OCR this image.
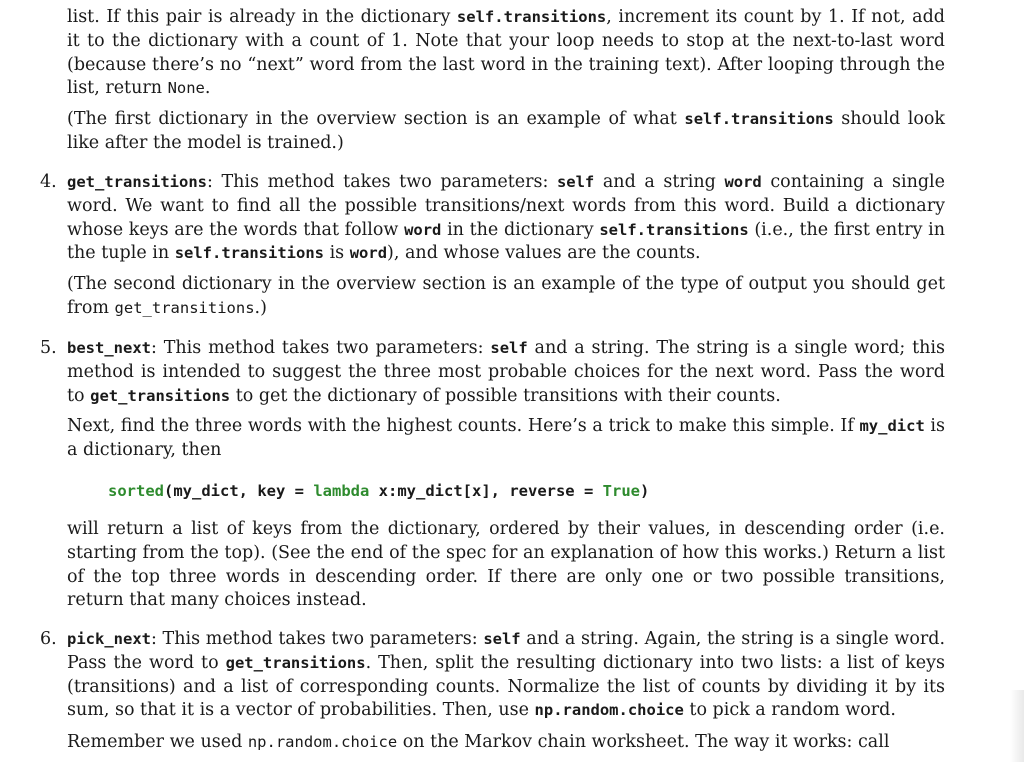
list. If this pair is already in the dictionary self.transitions, increment its count by 1. If not, add it to the dictionary with a count of 1. Note that your loop needs to stop at the next-to-last word (because there’s no “next” word from the last word in the training text). After looping through the list, return None.

(The first dictionary in the overview section is an example of what self.transitions should look like after the model is trained.)

4. get_transitions: This method takes two parameters: self and a string word containing a single word. We want to find all the possible transitions/next words from this word. Build a dictionary whose keys are the words that follow word in the dictionary self.transitions (i.e., the first entry in the tuple in self.transitions is word), and whose values are the counts.

(The second dictionary in the overview section is an example of the type of output you should get from get_transitions.)

5. best_next: This method takes two parameters: self and a string. The string is a single word; this method is intended to suggest the three most probable choices for the next word. Pass the word to get_transitions to get the dictionary of possible transitions with their counts.

Next, find the three words with the highest counts. Here’s a trick to make this simple. If my_dict is a dictionary, then

sorted(my_dict, key = lambda x:my_dict[x], reverse = True)

will return a list of keys from the dictionary, ordered by their values, in descending order (i.e. starting from the top). (See the end of the spec for an explanation of how this works.) Return a list of the top three words in descending order. If there are only one or two possible transitions, return that many choices instead.

6. pick_next: This method takes two parameters: self and a string. Again, the string is a single word. Pass the word to get_transitions. Then, split the resulting dictionary into two lists: a list of keys (transitions) and a list of corresponding counts. Normalize the list of counts by dividing it by its sum, so that it is a vector of probabilities. Then, use np.random.choice to pick a random word.

Remember we used np.random.choice on the Markov chain worksheet. The way it works: call
